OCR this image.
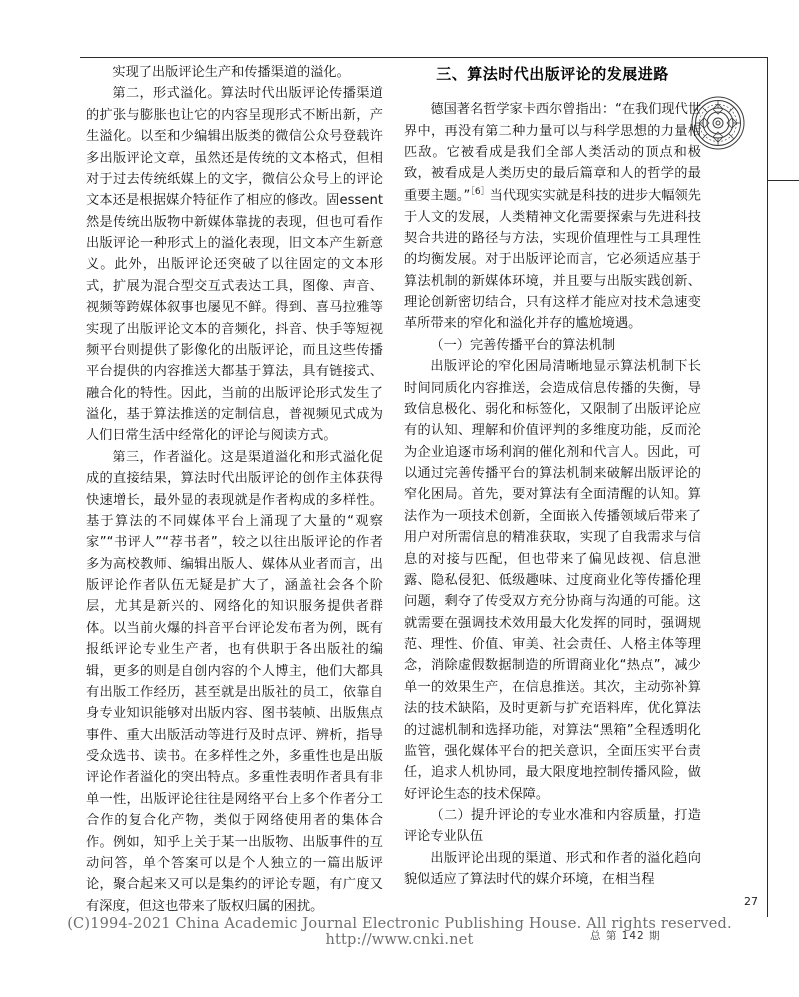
实现了出版评论生产和传播渠道的溢化。

第二，形式溢化。算法时代出版评论传播渠道的扩张与膨胀也让它的内容呈现形式不断出新，产生溢化。以至和少编辑出版类的微信公众号登载许多出版评论文章，虽然还是传统的文本格式，但相对于过去传统纸媒上的文字，微信公众号上的评论文本还是根据媒介特征作了相应的修改。固essent然是传统出版物中新媒体靠拢的表现，但也可看作出版评论一种形式上的溢化表现，旧文本产生新意义。此外，出版评论还突破了以往固定的文本形式，扩展为混合型交互式表达工具，图像、声音、视频等跨媒体叙事也屡见不鲜。得到、喜马拉雅等实现了出版评论文本的音频化，抖音、快手等短视频平台则提供了影像化的出版评论，而且这些传播平台提供的内容推送大都基于算法，具有链接式、融合化的特性。因此，当前的出版评论形式发生了溢化，基于算法推送的定制信息，普视频见式成为人们日常生活中经常化的评论与阅读方式。

第三，作者溢化。这是渠道溢化和形式溢化促成的直接结果，算法时代出版评论的创作主体获得快速增长，最外显的表现就是作者构成的多样性。基于算法的不同媒体平台上涌现了大量的“观察家”“书评人”“荐书者”，较之以往出版评论的作者多为高校教师、编辑出版人、媒体从业者而言，出版评论作者队伍无疑是扩大了，涵盖社会各个阶层，尤其是新兴的、网络化的知识服务提供者群体。以当前火爆的抖音平台评论发布者为例，既有报纸评论专业生产者，也有供职于各出版社的编辑，更多的则是自创内容的个人博主，他们大都具有出版工作经历，甚至就是出版社的员工，依靠自身专业知识能够对出版内容、图书装帧、出版焦点事件、重大出版活动等进行及时点评、辨析，指导受众选书、读书。在多样性之外，多重性也是出版评论作者溢化的突出特点。多重性表明作者具有非单一性，出版评论往往是网络平台上多个作者分工合作的复合化产物，类似于网络使用者的集体合作。例如，知乎上关于某一出版物、出版事件的互动问答，单个答案可以是个人独立的一篇出版评论，聚合起来又可以是集约的评论专题，有广度又有深度，但这也带来了版权归属的困扰。

三、算法时代出版评论的发展进路

德国著名哲学家卡西尔曾指出：“在我们现代世界中，再没有第二种力量可以与科学思想的力量相匹敌。它被看成是我们全部人类活动的顶点和极致，被看成是人类历史的最后篇章和人的哲学的最重要主题。”$^{[6]}$当代现实实就是科技的进步大幅领先于人文的发展，人类精神文化需要探索与先进科技契合共进的路径与方法，实现价值理性与工具理性的均衡发展。对于出版评论而言，它必须适应基于算法机制的新媒体环境，并且要与出版实践创新、理论创新密切结合，只有这样才能应对技术急速变革所带来的窄化和溢化并存的尴尬境遇。

（一）完善传播平台的算法机制

出版评论的窄化困局清晰地显示算法机制下长时间同质化内容推送，会造成信息传播的失衡，导致信息极化、弱化和标签化，又限制了出版评论应有的认知、理解和价值评判的多维度功能，反而沦为企业追逐市场利润的催化剂和代言人。因此，可以通过完善传播平台的算法机制来破解出版评论的窄化困局。首先，要对算法有全面清醒的认知。算法作为一项技术创新，全面嵌入传播领域后带来了用户对所需信息的精准获取，实现了自我需求与信息的对接与匹配，但也带来了偏见歧视、信息泄露、隐私侵犯、低级趣味、过度商业化等传播伦理问题，剩夺了传受双方充分协商与沟通的可能。这就需要在强调技术效用最大化发挥的同时，强调规范、理性、价值、审美、社会责任、人格主体等理念，消除虚假数据制造的所谓商业化“热点”，减少单一的效果生产，在信息推送。其次，主动弥补算法的技术缺陷，及时更新与扩充语料库，优化算法的过滤机制和选择功能，对算法“黑箱”全程透明化监管，强化媒体平台的把关意识，全面压实平台责任，追求人机协同，最大限度地控制传播风险，做好评论生态的技术保障。

（二）提升评论的专业水准和内容质量，打造评论专业队伍

出版评论出现的渠道、形式和作者的溢化趋向貌似适应了算法时代的媒介环境，在相当程

27
总 第 142 期
(C)1994-2021 China Academic Journal Electronic Publishing House. All rights reserved. http://www.cnki.net
